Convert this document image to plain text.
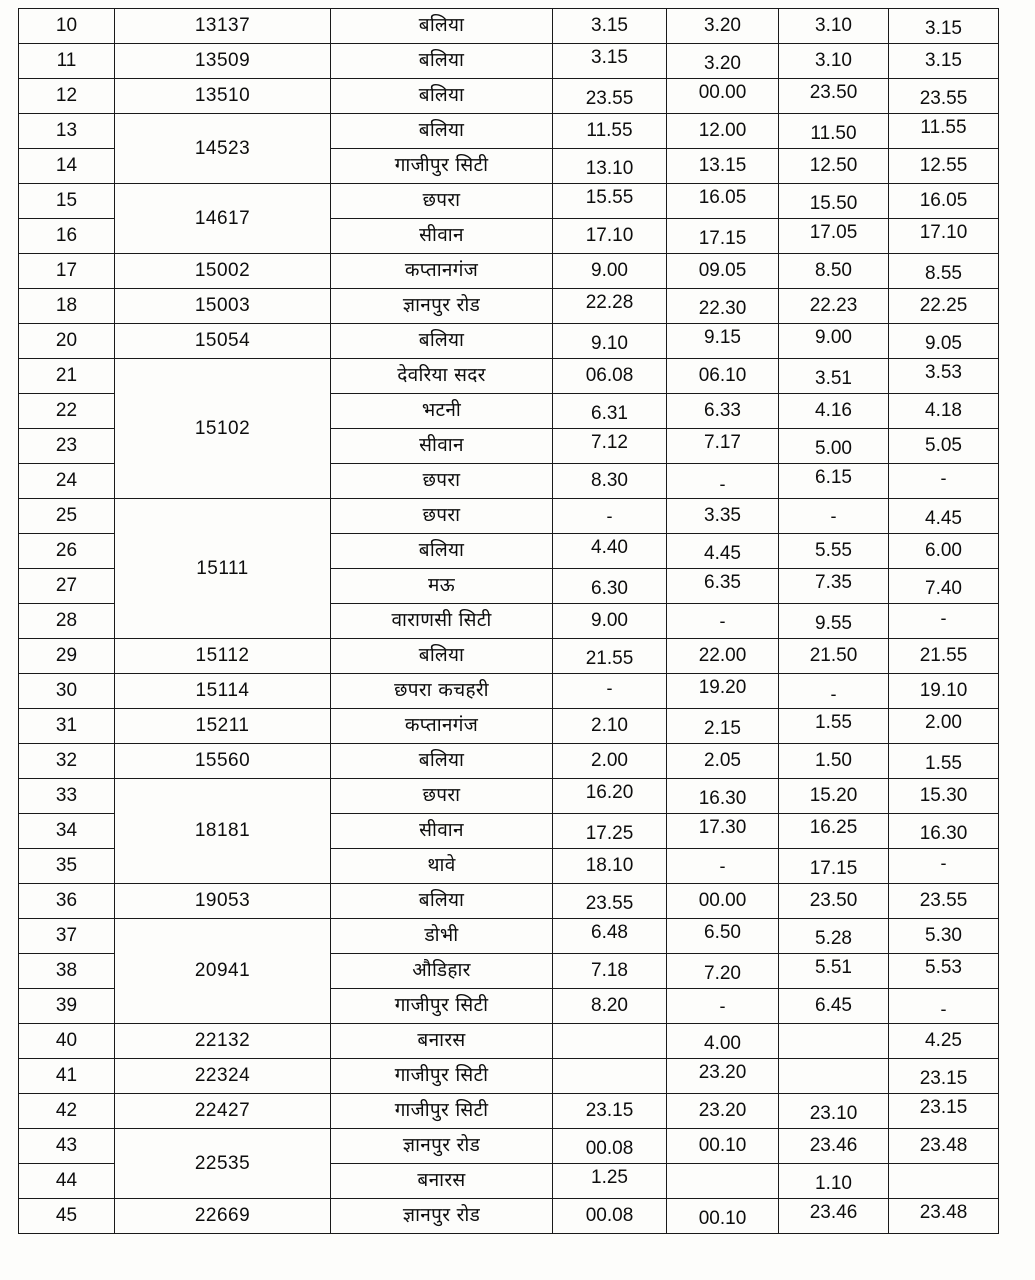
10	13137	बलिया	3.15	3.20	3.10	3.15
11	13509	बलिया	3.15	3.20	3.10	3.15
12	13510	बलिया	23.55	00.00	23.50	23.55
13	14523	बलिया	11.55	12.00	11.50	11.55
14		गाजीपुर सिटी	13.10	13.15	12.50	12.55
15	14617	छपरा	15.55	16.05	15.50	16.05
16		सीवान	17.10	17.15	17.05	17.10
17	15002	कप्तानगंज	9.00	09.05	8.50	8.55
18	15003	ज्ञानपुर रोड	22.28	22.30	22.23	22.25
20	15054	बलिया	9.10	9.15	9.00	9.05
21	15102	देवरिया सदर	06.08	06.10	3.51	3.53
22		भटनी	6.31	6.33	4.16	4.18
23		सीवान	7.12	7.17	5.00	5.05
24		छपरा	8.30	-	6.15	-
25	15111	छपरा	-	3.35	-	4.45
26		बलिया	4.40	4.45	5.55	6.00
27		मऊ	6.30	6.35	7.35	7.40
28		वाराणसी सिटी	9.00	-	9.55	-
29	15112	बलिया	21.55	22.00	21.50	21.55
30	15114	छपरा कचहरी	-	19.20	-	19.10
31	15211	कप्तानगंज	2.10	2.15	1.55	2.00
32	15560	बलिया	2.00	2.05	1.50	1.55
33	18181	छपरा	16.20	16.30	15.20	15.30
34		सीवान	17.25	17.30	16.25	16.30
35		थावे	18.10	-	17.15	-
36	19053	बलिया	23.55	00.00	23.50	23.55
37	20941	डोभी	6.48	6.50	5.28	5.30
38		औडिहार	7.18	7.20	5.51	5.53
39		गाजीपुर सिटी	8.20	-	6.45	-
40	22132	बनारस		4.00		4.25
41	22324	गाजीपुर सिटी		23.20		23.15
42	22427	गाजीपुर सिटी	23.15	23.20	23.10	23.15
43	22535	ज्ञानपुर रोड	00.08	00.10	23.46	23.48
44		बनारस	1.25		1.10	
45	22669	ज्ञानपुर रोड	00.08	00.10	23.46	23.48
